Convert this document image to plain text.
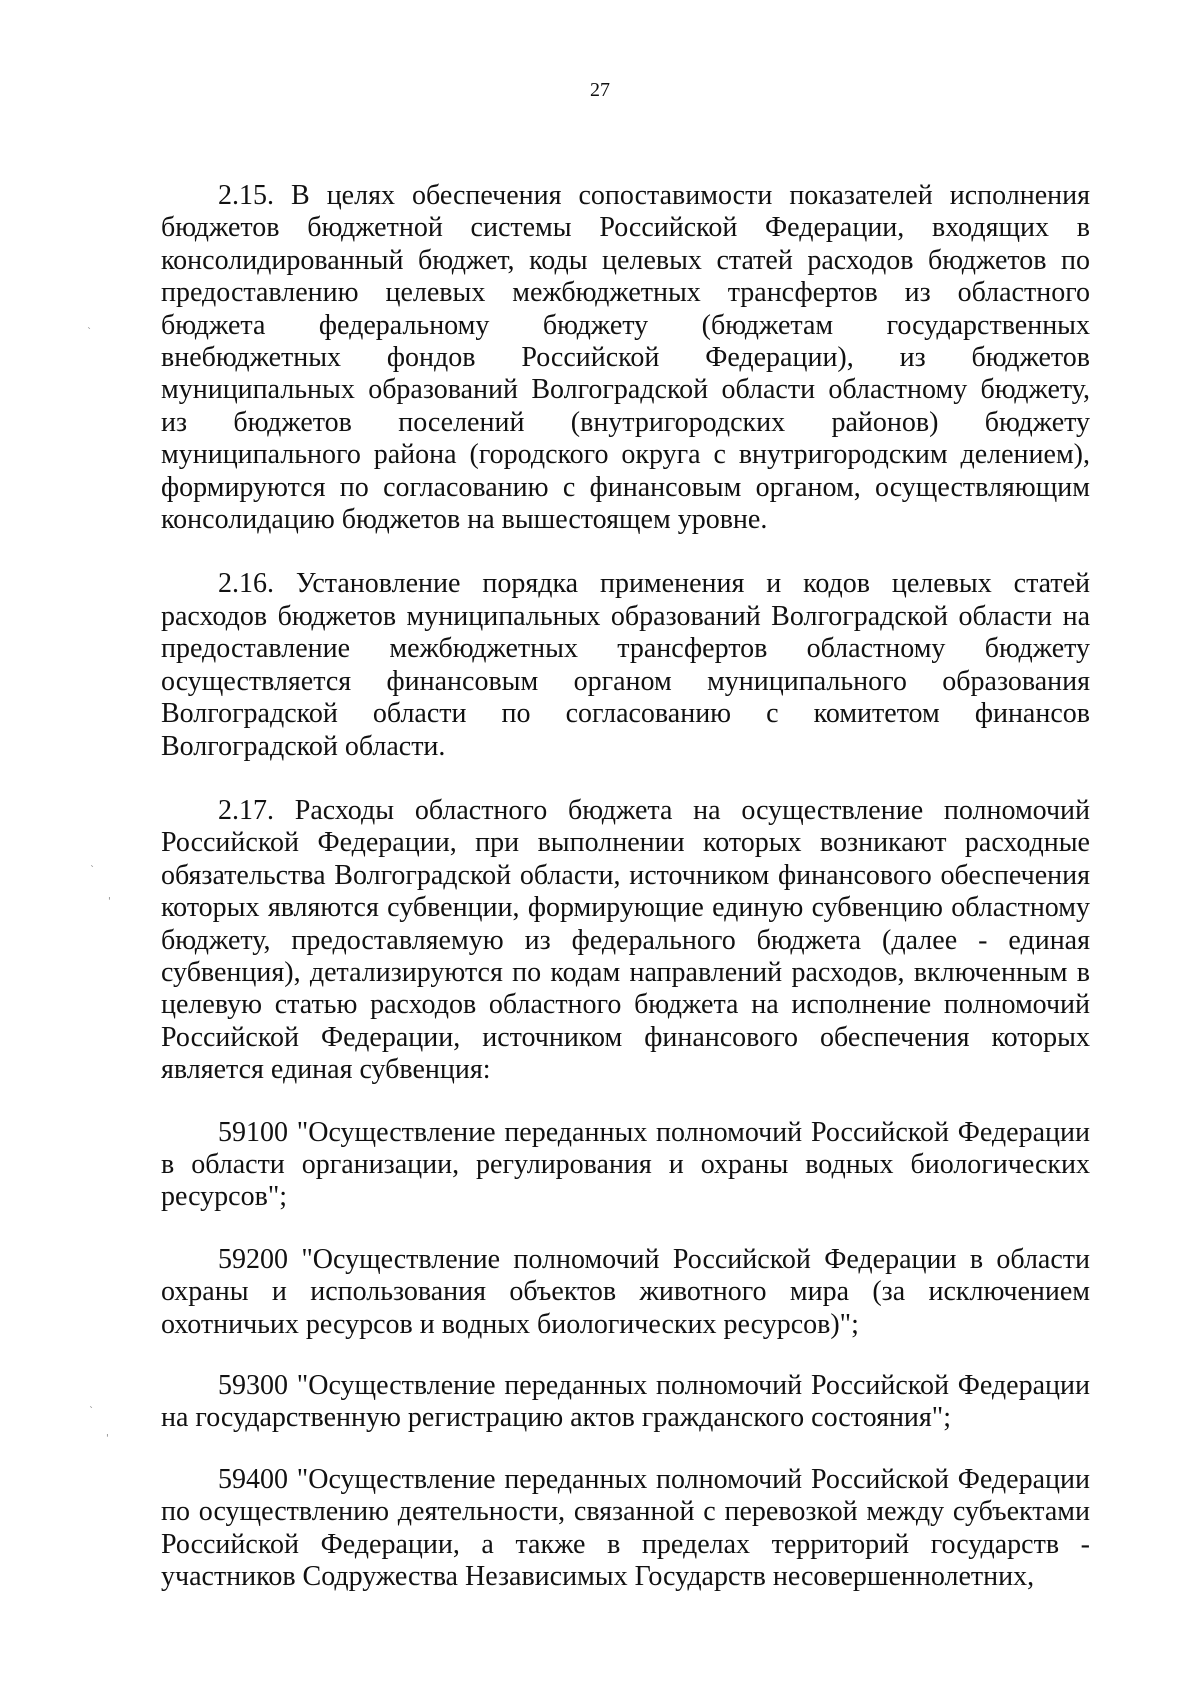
27

2.15. В целях обеспечения сопоставимости показателей исполнения бюджетов бюджетной системы Российской Федерации, входящих в консолидированный бюджет, коды целевых статей расходов бюджетов по предоставлению целевых межбюджетных трансфертов из областного бюджета федеральному бюджету (бюджетам государственных внебюджетных фондов Российской Федерации), из бюджетов муниципальных образований Волгоградской области областному бюджету, из бюджетов поселений (внутригородских районов) бюджету муниципального района (городского округа с внутригородским делением), формируются по согласованию с финансовым органом, осуществляющим консолидацию бюджетов на вышестоящем уровне.

2.16. Установление порядка применения и кодов целевых статей расходов бюджетов муниципальных образований Волгоградской области на предоставление межбюджетных трансфертов областному бюджету осуществляется финансовым органом муниципального образования Волгоградской области по согласованию с комитетом финансов Волгоградской области.

2.17. Расходы областного бюджета на осуществление полномочий Российской Федерации, при выполнении которых возникают расходные обязательства Волгоградской области, источником финансового обеспечения которых являются субвенции, формирующие единую субвенцию областному бюджету, предоставляемую из федерального бюджета (далее - единая субвенция), детализируются по кодам направлений расходов, включенным в целевую статью расходов областного бюджета на исполнение полномочий Российской Федерации, источником финансового обеспечения которых является единая субвенция:

59100 "Осуществление переданных полномочий Российской Федерации в области организации, регулирования и охраны водных биологических ресурсов";

59200 "Осуществление полномочий Российской Федерации в области охраны и использования объектов животного мира (за исключением охотничьих ресурсов и водных биологических ресурсов)";

59300 "Осуществление переданных полномочий Российской Федерации на государственную регистрацию актов гражданского состояния";

59400 "Осуществление переданных полномочий Российской Федерации по осуществлению деятельности, связанной с перевозкой между субъектами Российской Федерации, а также в пределах территорий государств - участников Содружества Независимых Государств несовершеннолетних,

`
`
'
`
'
